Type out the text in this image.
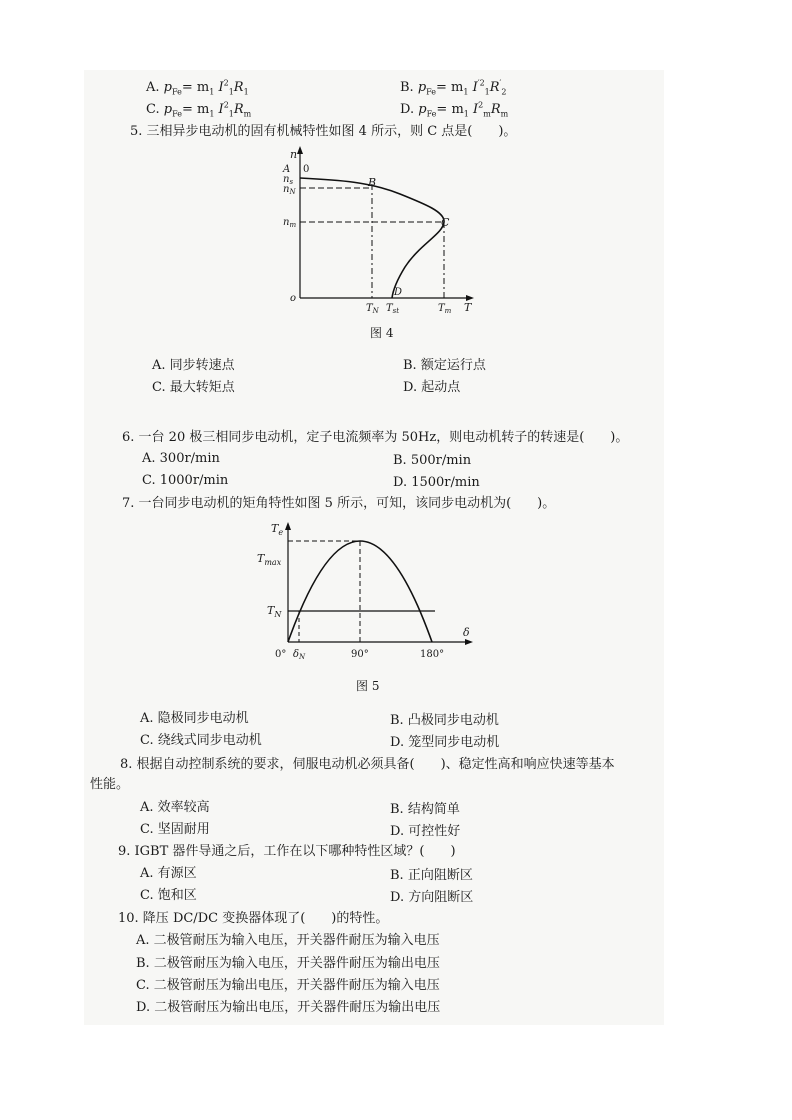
A. $p_{Fe}= m_1$ $I^2_1R_1$	B. $p_{Fe}= m_1$ $I^{'2}_1R'_2$
C. $p_{Fe}= m_1$ $I^2_1R_m$	D. $p_{Fe}= m_1$ $I^2_mR_m$
5. 三相异步电动机的固有机械特性如图 4 所示，则 C 点是(　　)。
n
A 0
$n_s$
$n_N$
$n_m$
B
C
D
o
$T_N$ $T_{st}$	$T_m$ T
图 4
A. 同步转速点	B. 额定运行点
C. 最大转矩点	D. 起动点
6. 一台 20 极三相同步电动机，定子电流频率为 50Hz，则电动机转子的转速是(　　)。
A. 300r/min	B. 500r/min
C. 1000r/min	D. 1500r/min
7. 一台同步电动机的矩角特性如图 5 所示，可知，该同步电动机为(　　)。
$T_e$
$T_{max}$
$T_N$
δ
0° $\delta_N$	90°	180°
图 5
A. 隐极同步电动机	B. 凸极同步电动机
C. 绕线式同步电动机	D. 笼型同步电动机
8. 根据自动控制系统的要求，伺服电动机必须具备(　　)、稳定性高和响应快速等基本
性能。
A. 效率较高	B. 结构简单
C. 坚固耐用	D. 可控性好
9. IGBT 器件导通之后，工作在以下哪种特性区域？(　　)
A. 有源区	B. 正向阻断区
C. 饱和区	D. 方向阻断区
10. 降压 DC/DC 变换器体现了(　　)的特性。
A. 二极管耐压为输入电压，开关器件耐压为输入电压
B. 二极管耐压为输入电压，开关器件耐压为输出电压
C. 二极管耐压为输出电压，开关器件耐压为输入电压
D. 二极管耐压为输出电压，开关器件耐压为输出电压
